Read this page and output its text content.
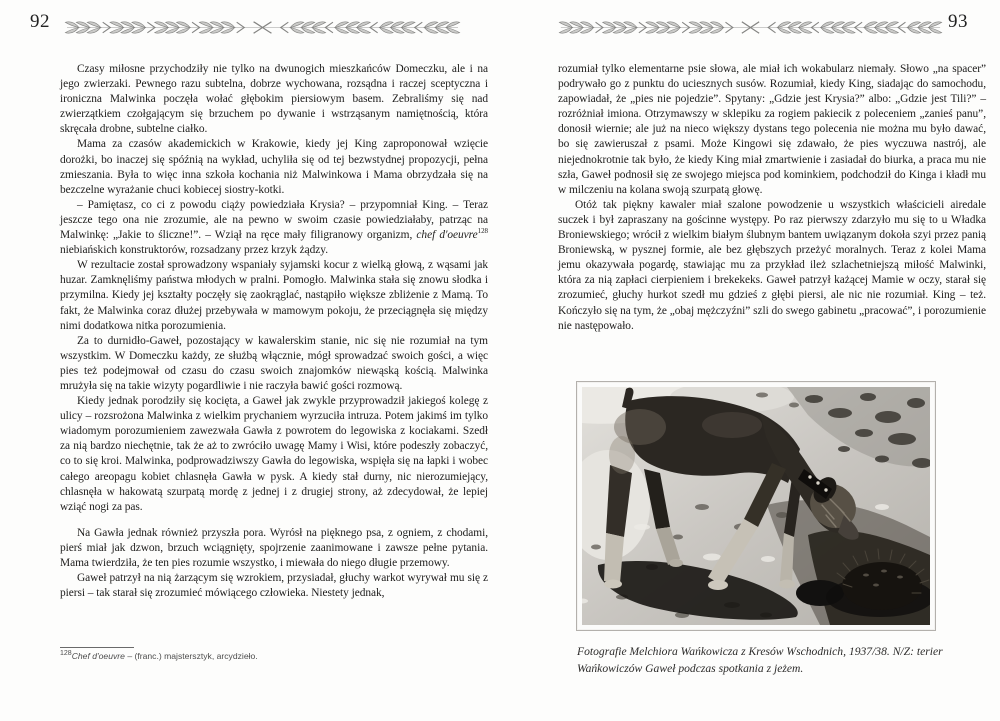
92

Czasy miłosne przychodziły nie tylko na dwunogich mieszkańców Domeczku, ale i na jego zwierzaki. Pewnego razu subtelna, dobrze wychowana, rozsądna i raczej sceptyczna i ironiczna Malwinka poczęła wołać głębokim piersiowym basem. Zebraliśmy się nad zwierzątkiem czołgającym się brzuchem po dywanie i wstrząsanym namiętnością, która skręcała drobne, subtelne ciałko.

Mama za czasów akademickich w Krakowie, kiedy jej King zaproponował wzięcie dorożki, bo inaczej się spóźnią na wykład, uchyliła się od tej bezwstydnej propozycji, pełna zmieszania. Była to więc inna szkoła kochania niż Malwinkowa i Mama obrzydzała się na bezczelne wyrażanie chuci kobiecej siostry-kotki.

– Pamiętasz, co ci z powodu ciąży powiedziała Krysia? – przypomniał King. – Teraz jeszcze tego ona nie zrozumie, ale na pewno w swoim czasie powiedziałaby, patrząc na Malwinkę: „Jakie to śliczne!”. – Wziął na ręce mały filigranowy organizm, chef d'oeuvre$^{128}$ niebiańskich konstruktorów, rozsadzany przez krzyk żądzy.

W rezultacie został sprowadzony wspaniały syjamski kocur z wielką głową, z wąsami jak huzar. Zamknęliśmy państwa młodych w pralni. Pomogło. Malwinka stała się znowu słodka i przymilna. Kiedy jej kształty poczęły się zaokrąglać, nastąpiło większe zbliżenie z Mamą. To fakt, że Malwinka coraz dłużej przebywała w mamowym pokoju, że przeciągnęła się między nimi dodatkowa nitka porozumienia.

Za to durnidło-Gaweł, pozostający w kawalerskim stanie, nic się nie rozumiał na tym wszystkim. W Domeczku każdy, ze służbą włącznie, mógł sprowadzać swoich gości, a więc pies też podejmował od czasu do czasu swoich znajomków niewąską kością. Malwinka mrużyła się na takie wizyty pogardliwie i nie raczyła bawić gości rozmową.

Kiedy jednak porodziły się kocięta, a Gaweł jak zwykle przyprowadził jakiegoś kolegę z ulicy – rozsrożona Malwinka z wielkim prychaniem wyrzuciła intruza. Potem jakimś im tylko wiadomym porozumieniem zawezwała Gawła z powrotem do legowiska z kociakami. Szedł za nią bardzo niechętnie, tak że aż to zwróciło uwagę Mamy i Wisi, które podeszły zobaczyć, co to się kroi. Malwinka, podprowadziwszy Gawła do legowiska, wspięła się na łapki i wobec całego areopagu kobiet chlasnęła Gawła w pysk. A kiedy stał durny, nic nierozumiejący, chlasnęła w hakowatą szurpatą mordę z jednej i z drugiej strony, aż zdecydował, że lepiej wziąć nogi za pas.

Na Gawła jednak również przyszła pora. Wyrósł na pięknego psa, z ogniem, z chodami, pierś miał jak dzwon, brzuch wciągnięty, spojrzenie zaanimowane i zawsze pełne pytania. Mama twierdziła, że ten pies rozumie wszystko, i miewała do niego długie przemowy.

Gaweł patrzył na nią żarzącym się wzrokiem, przysiadał, głuchy warkot wyrywał mu się z piersi – tak starał się zrozumieć mówiącego człowieka. Niestety jednak,

$^{128}$Chef d'oeuvre – (franc.) majstersztyk, arcydzieło.
93

rozumiał tylko elementarne psie słowa, ale miał ich wokabularz niemały. Słowo „na spacer” podrywało go z punktu do uciesznych susów. Rozumiał, kiedy King, siadając do samochodu, zapowiadał, że „pies nie pojedzie”. Spytany: „Gdzie jest Krysia?” albo: „Gdzie jest Tili?” – rozróżniał imiona. Otrzymawszy w sklepiku za rogiem pakiecik z poleceniem „zanieś panu”, donosił wiernie; ale już na nieco większy dystans tego polecenia nie można mu było dawać, bo się zawieruszał z psami. Może Kingowi się zdawało, że pies wyczuwa nastrój, ale niejednokrotnie tak było, że kiedy King miał zmartwienie i zasiadał do biurka, a praca mu nie szła, Gaweł podnosił się ze swojego miejsca pod kominkiem, podchodził do Kinga i kładł mu w milczeniu na kolana swoją szurpatą głowę.

Otóż tak piękny kawaler miał szalone powodzenie u wszystkich właścicieli airedale suczek i był zapraszany na gościnne występy. Po raz pierwszy zdarzyło mu się to u Władka Broniewskiego; wrócił z wielkim białym ślubnym bantem uwiązanym dokoła szyi przez panią Broniewską, w pysznej formie, ale bez głębszych przeżyć moralnych. Teraz z kolei Mama jemu okazywała pogardę, stawiając mu za przykład ileż szlachetniejszą miłość Malwinki, która za nią zapłaci cierpieniem i brekekeks. Gaweł patrzył każącej Mamie w oczy, starał się zrozumieć, głuchy hurkot szedł mu gdzieś z głębi piersi, ale nic nie rozumiał. King – też. Kończyło się na tym, że „obaj mężczyźni” szli do swego gabinetu „pracować”, i porozumienie nie następowało.

Fotografie Melchiora Wańkowicza z Kresów Wschodnich, 1937/38. N/Z: terier
Wańkowiczów Gaweł podczas spotkania z jeżem.
